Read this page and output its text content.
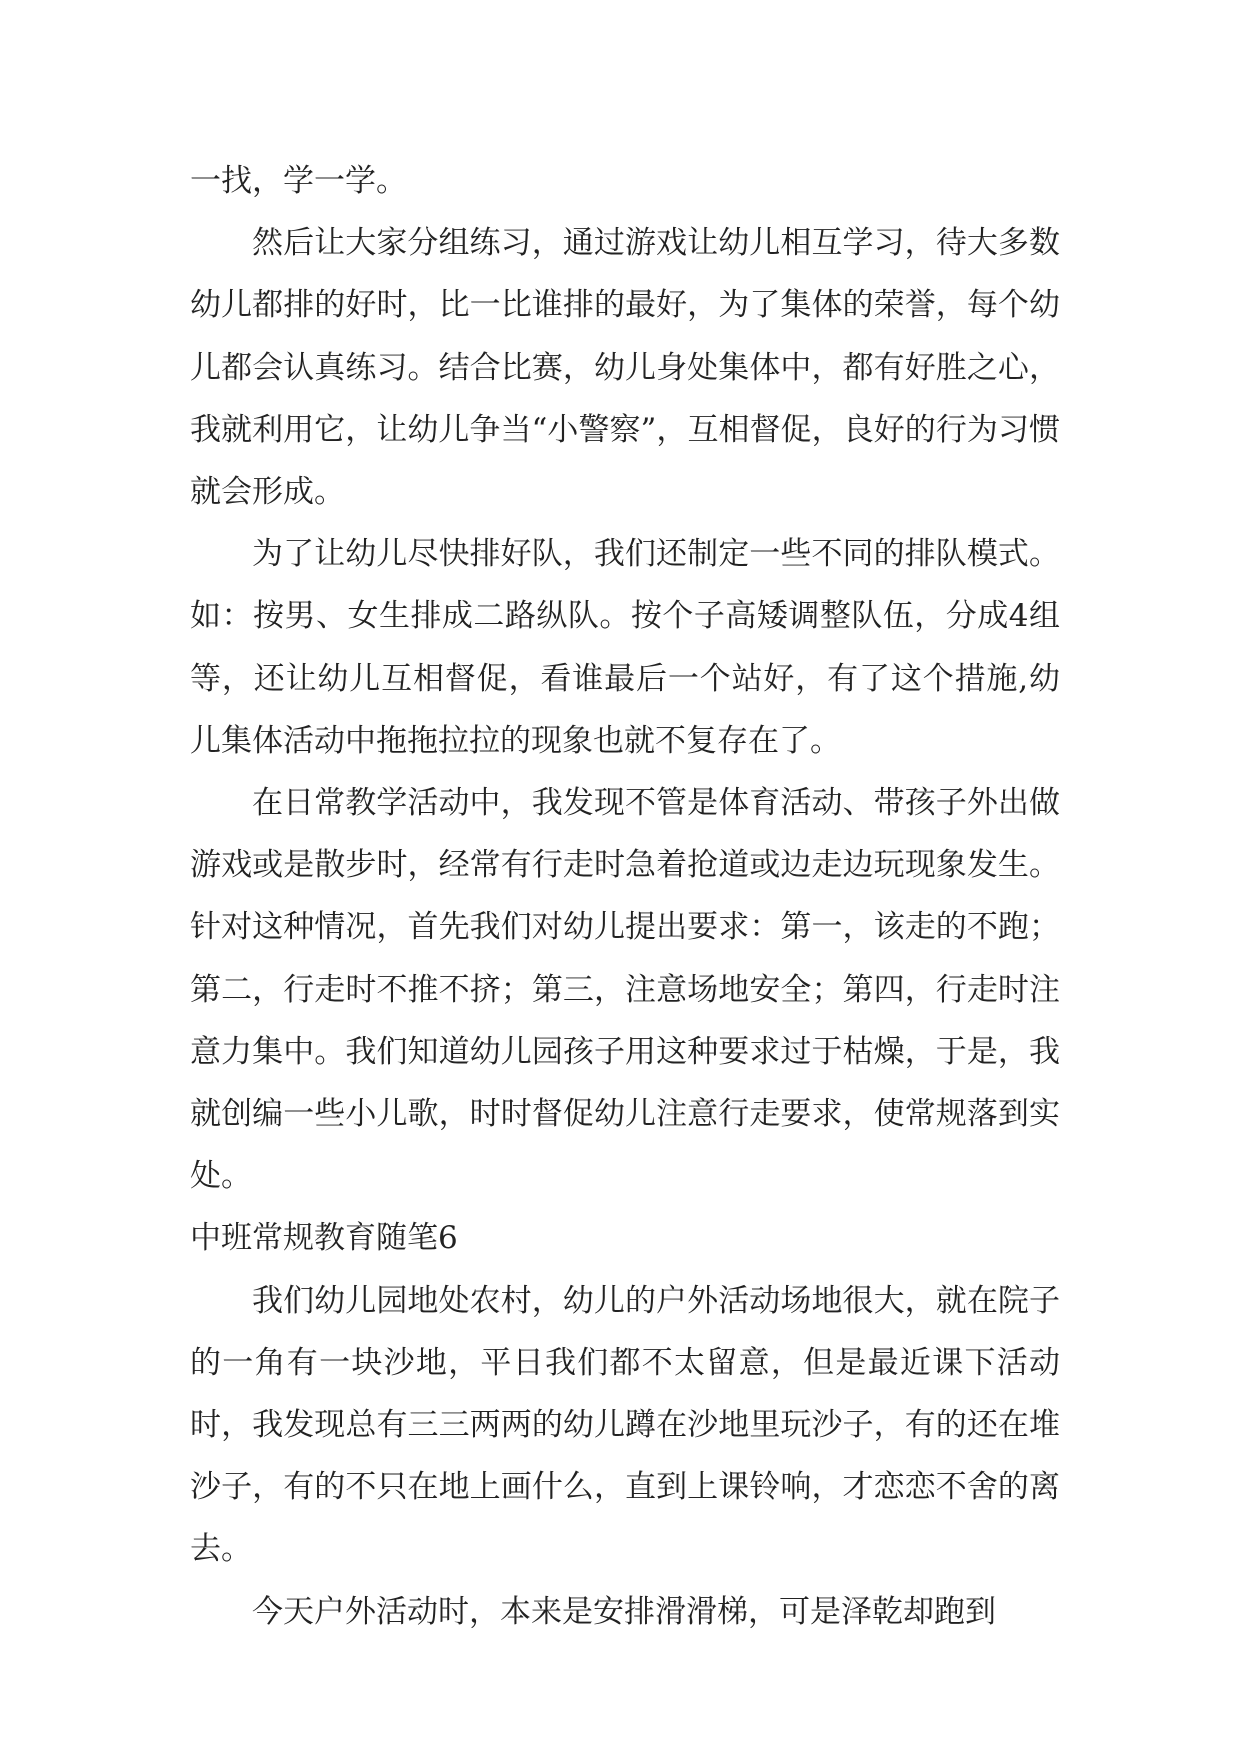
一找，学一学。

然后让大家分组练习，通过游戏让幼儿相互学习，待大多数幼儿都排的好时，比一比谁排的最好，为了集体的荣誉，每个幼儿都会认真练习。结合比赛，幼儿身处集体中，都有好胜之心，我就利用它，让幼儿争当“小警察”，互相督促，良好的行为习惯就会形成。

为了让幼儿尽快排好队，我们还制定一些不同的排队模式。如：按男、女生排成二路纵队。按个子高矮调整队伍，分成4组等，还让幼儿互相督促，看谁最后一个站好，有了这个措施,幼儿集体活动中拖拖拉拉的现象也就不复存在了。

在日常教学活动中，我发现不管是体育活动、带孩子外出做游戏或是散步时，经常有行走时急着抢道或边走边玩现象发生。针对这种情况，首先我们对幼儿提出要求：第一，该走的不跑；第二，行走时不推不挤；第三，注意场地安全；第四，行走时注意力集中。我们知道幼儿园孩子用这种要求过于枯燥，于是，我就创编一些小儿歌，时时督促幼儿注意行走要求，使常规落到实处。

中班常规教育随笔6

我们幼儿园地处农村，幼儿的户外活动场地很大，就在院子的一角有一块沙地，平日我们都不太留意，但是最近课下活动时，我发现总有三三两两的幼儿蹲在沙地里玩沙子，有的还在堆沙子，有的不只在地上画什么，直到上课铃响，才恋恋不舍的离去。

今天户外活动时，本来是安排滑滑梯，可是泽乾却跑到
